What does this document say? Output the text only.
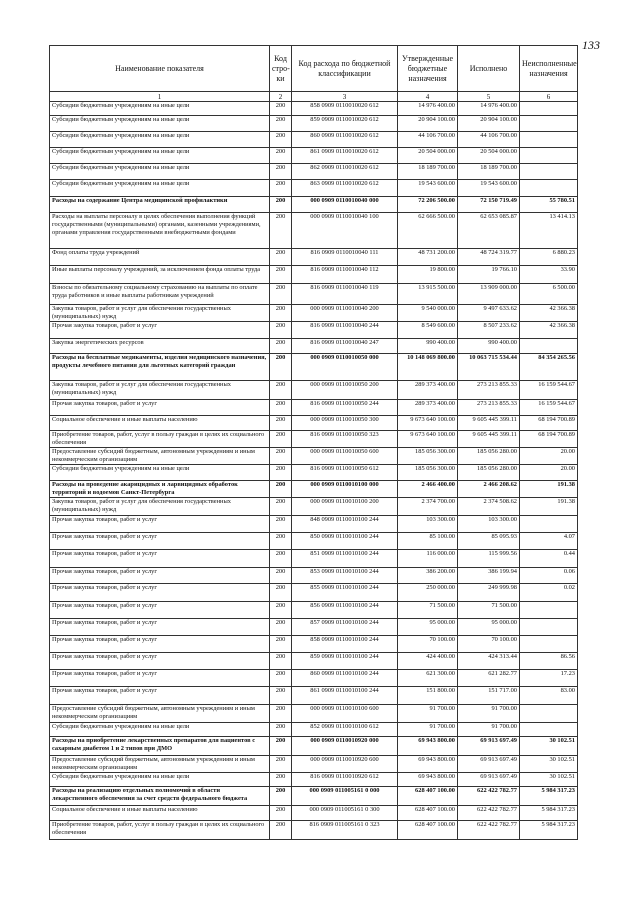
133
Наименование показателя	Код стро-ки	Код расхода по бюджетной классификации	Утвержденные бюджетные назначения	Исполнено	Неисполненные назначения
1	2	3	4	5	6
Субсидии бюджетным учреждениям на иные цели	200	858 0909 0110010020 612	14 976 400.00	14 976 400.00	
Субсидии бюджетным учреждениям на иные цели	200	859 0909 0110010020 612	20 904 100.00	20 904 100.00	
Субсидии бюджетным учреждениям на иные цели	200	860 0909 0110010020 612	44 106 700.00	44 106 700.00	
Субсидии бюджетным учреждениям на иные цели	200	861 0909 0110010020 612	20 504 000.00	20 504 000.00	
Субсидии бюджетным учреждениям на иные цели	200	862 0909 0110010020 612	18 189 700.00	18 189 700.00	
Субсидии бюджетным учреждениям на иные цели	200	863 0909 0110010020 612	19 543 600.00	19 543 600.00	
Расходы на содержание Центра медицинской профилактики	200	000 0909 0110010040 000	72 206 500.00	72 150 719.49	55 780.51
Расходы на выплаты персоналу в целях обеспечения выполнения функций государственными (муниципальными) органами, казенными учреждениями, органами управления государственными внебюджетными фондами	200	000 0909 0110010040 100	62 666 500.00	62 653 085.87	13 414.13
Фонд оплаты труда учреждений	200	816 0909 0110010040 111	48 731 200.00	48 724 319.77	6 880.23
Иные выплаты персоналу учреждений, за исключением фонда оплаты труда	200	816 0909 0110010040 112	19 800.00	19 766.10	33.90
Взносы по обязательному социальному страхованию на выплаты по оплате труда работников и иные выплаты работникам учреждений	200	816 0909 0110010040 119	13 915 500.00	13 909 000.00	6 500.00
Закупка товаров, работ и услуг для обеспечения государственных (муниципальных) нужд	200	000 0909 0110010040 200	9 540 000.00	9 497 633.62	42 366.38
Прочая закупка товаров, работ и услуг	200	816 0909 0110010040 244	8 549 600.00	8 507 233.62	42 366.38
Закупка энергетических ресурсов	200	816 0909 0110010040 247	990 400.00	990 400.00	
Расходы на бесплатные медикаменты, изделия медицинского назначения, продукты лечебного питания для льготных категорий граждан	200	000 0909 0110010050 000	10 148 069 800.00	10 063 715 534.44	84 354 265.56
Закупка товаров, работ и услуг для обеспечения государственных (муниципальных) нужд	200	000 0909 0110010050 200	289 373 400.00	273 213 855.33	16 159 544.67
Прочая закупка товаров, работ и услуг	200	816 0909 0110010050 244	289 373 400.00	273 213 855.33	16 159 544.67
Социальное обеспечение и иные выплаты населению	200	000 0909 0110010050 300	9 673 640 100.00	9 605 445 399.11	68 194 700.89
Приобретение товаров, работ, услуг в пользу граждан в целях их социального обеспечения	200	816 0909 0110010050 323	9 673 640 100.00	9 605 445 399.11	68 194 700.89
Предоставление субсидий бюджетным, автономным учреждениям и иным некоммерческим организациям	200	000 0909 0110010050 600	185 056 300.00	185 056 280.00	20.00
Субсидии бюджетным учреждениям на иные цели	200	816 0909 0110010050 612	185 056 300.00	185 056 280.00	20.00
Расходы на проведение акарицидных и ларвицидных обработок территорий и водоемов Санкт-Петербурга	200	000 0909 0110010100 000	2 466 400.00	2 466 208.62	191.38
Закупка товаров, работ и услуг для обеспечения государственных (муниципальных) нужд	200	000 0909 0110010100 200	2 374 700.00	2 374 508.62	191.38
Прочая закупка товаров, работ и услуг	200	848 0909 0110010100 244	103 300.00	103 300.00	
Прочая закупка товаров, работ и услуг	200	850 0909 0110010100 244	85 100.00	85 095.93	4.07
Прочая закупка товаров, работ и услуг	200	851 0909 0110010100 244	116 000.00	115 999.56	0.44
Прочая закупка товаров, работ и услуг	200	853 0909 0110010100 244	386 200.00	386 199.94	0.06
Прочая закупка товаров, работ и услуг	200	855 0909 0110010100 244	250 000.00	249 999.98	0.02
Прочая закупка товаров, работ и услуг	200	856 0909 0110010100 244	71 500.00	71 500.00	
Прочая закупка товаров, работ и услуг	200	857 0909 0110010100 244	95 000.00	95 000.00	
Прочая закупка товаров, работ и услуг	200	858 0909 0110010100 244	70 100.00	70 100.00	
Прочая закупка товаров, работ и услуг	200	859 0909 0110010100 244	424 400.00	424 313.44	86.56
Прочая закупка товаров, работ и услуг	200	860 0909 0110010100 244	621 300.00	621 282.77	17.23
Прочая закупка товаров, работ и услуг	200	861 0909 0110010100 244	151 800.00	151 717.00	83.00
Предоставление субсидий бюджетным, автономным учреждениям и иным некоммерческим организациям	200	000 0909 0110010100 600	91 700.00	91 700.00	
Субсидии бюджетным учреждениям на иные цели	200	852 0909 0110010100 612	91 700.00	91 700.00	
Расходы на приобретение лекарственных препаратов для пациентов с сахарным диабетом 1 и 2 типов при ДМО	200	000 0909 0110010920 000	69 943 800.00	69 913 697.49	30 102.51
Предоставление субсидий бюджетным, автономным учреждениям и иным некоммерческим организациям	200	000 0909 0110010920 600	69 943 800.00	69 913 697.49	30 102.51
Субсидии бюджетным учреждениям на иные цели	200	816 0909 0110010920 612	69 943 800.00	69 913 697.49	30 102.51
Расходы на реализацию отдельных полномочий в области лекарственного обеспечения за счет средств федерального бюджета	200	000 0909 011005161 0 000	628 407 100.00	622 422 782.77	5 984 317.23
Социальное обеспечение и иные выплаты населению	200	000 0909 011005161 0 300	628 407 100.00	622 422 782.77	5 984 317.23
Приобретение товаров, работ, услуг в пользу граждан в целях их социального обеспечения	200	816 0909 011005161 0 323	628 407 100.00	622 422 782.77	5 984 317.23
